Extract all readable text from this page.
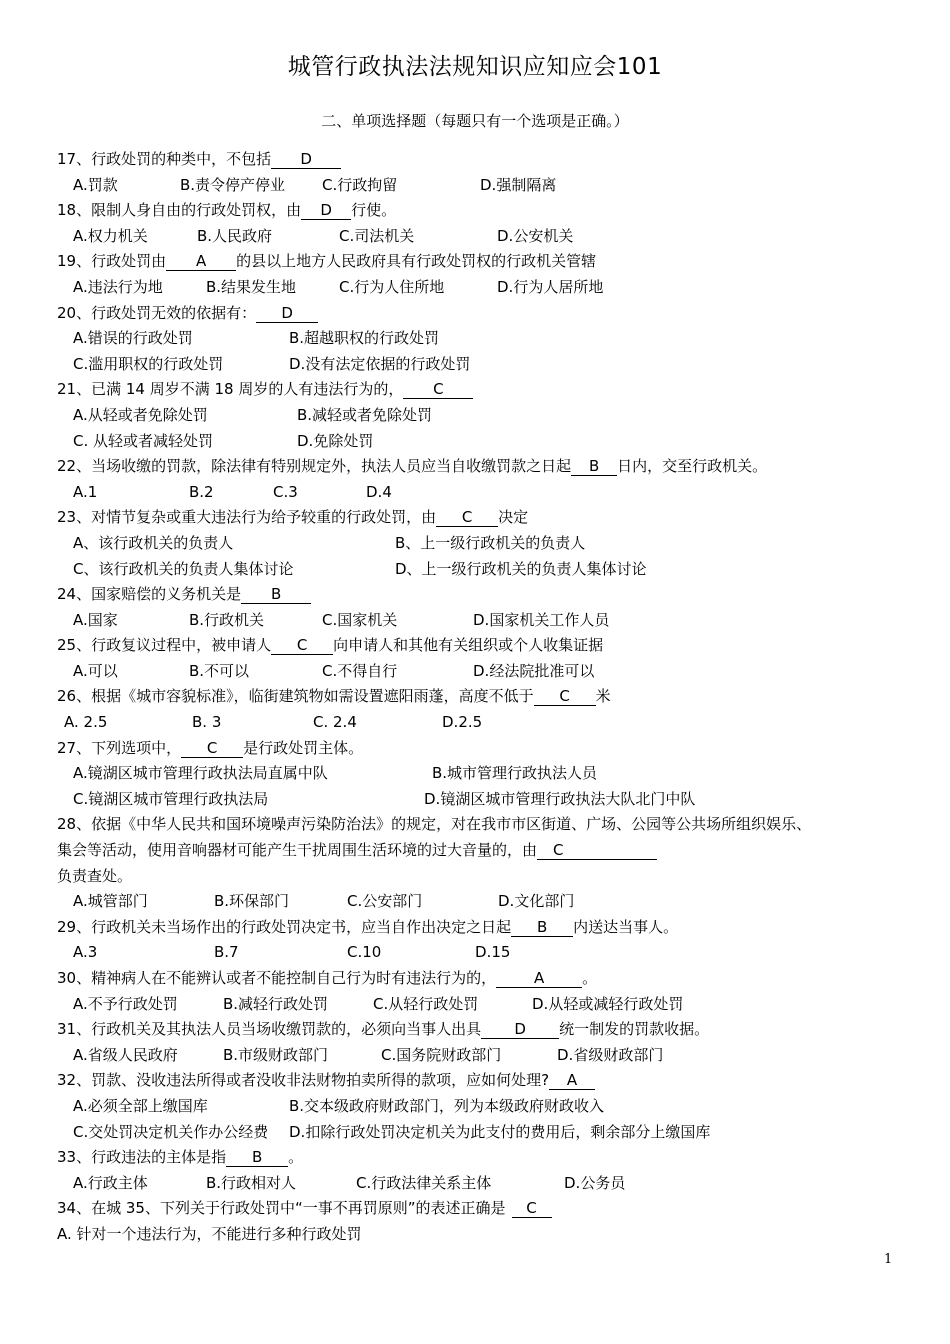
城管行政执法法规知识应知应会101
二、单项选择题（每题只有一个选项是正确。）
17、行政处罚的种类中，不包括 D
A.罚款	B.责令停产停业 C.行政拘留	D.强制隔离
18、限制人身自由的行政处罚权，由 D 行使。
A.权力机关	B.人民政府	C.司法机关	D.公安机关
19、行政处罚由 A 的县以上地方人民政府具有行政处罚权的行政机关管辖
A.违法行为地	B.结果发生地	C.行为人住所地	D.行为人居所地
20、行政处罚无效的依据有： D
A.错误的行政处罚	B.超越职权的行政处罚
C.滥用职权的行政处罚	D.没有法定依据的行政处罚
21、已满 14 周岁不满 18 周岁的人有违法行为的， C
A.从轻或者免除处罚	B.减轻或者免除处罚
C. 从轻或者减轻处罚	D.免除处罚
22、当场收缴的罚款，除法律有特别规定外，执法人员应当自收缴罚款之日起 B 日内，交至行政机关。
A.1	B.2	C.3	D.4
23、对情节复杂或重大违法行为给予较重的行政处罚，由 C 决定
A、该行政机关的负责人	B、上一级行政机关的负责人
C、该行政机关的负责人集体讨论	D、上一级行政机关的负责人集体讨论
24、国家赔偿的义务机关是 B
A.国家	B.行政机关	C.国家机关	D.国家机关工作人员
25、行政复议过程中，被申请人 C 向申请人和其他有关组织或个人收集证据
A.可以	B.不可以	C.不得自行	D.经法院批准可以
26、根据《城市容貌标准》，临街建筑物如需设置遮阳雨蓬，高度不低于 C 米
A. 2.5	B. 3	C. 2.4	D.2.5
27、下列选项中， C 是行政处罚主体。
A.镜湖区城市管理行政执法局直属中队	B.城市管理行政执法人员
C.镜湖区城市管理行政执法局	D.镜湖区城市管理行政执法大队北门中队
28、依据《中华人民共和国环境噪声污染防治法》的规定，对在我市市区街道、广场、公园等公共场所组织娱乐、
集会等活动，使用音响器材可能产生干扰周围生活环境的过大音量的，由 C
负责查处。
A.城管部门	B.环保部门	C.公安部门	D.文化部门
29、行政机关未当场作出的行政处罚决定书，应当自作出决定之日起 B 内送达当事人。
A.3	B.7	C.10	D.15
30、精神病人在不能辨认或者不能控制自己行为时有违法行为的，	A	。
A.不予行政处罚	B.减轻行政处罚	C.从轻行政处罚	D.从轻或减轻行政处罚
31、行政机关及其执法人员当场收缴罚款的，必须向当事人出具 D 统一制发的罚款收据。
A.省级人民政府	B.市级财政部门	C.国务院财政部门	D.省级财政部门
32、罚款、没收违法所得或者没收非法财物拍卖所得的款项，应如何处理? A
A.必须全部上缴国库	B.交本级政府财政部门，列为本级政府财政收入
C.交处罚决定机关作办公经费 D.扣除行政处罚决定机关为此支付的费用后，剩余部分上缴国库
33、行政违法的主体是指 B 。
A.行政主体	B.行政相对人	C.行政法律关系主体	D.公务员
34、在城 35、下列关于行政处罚中“一事不再罚原则”的表述正确是 C
A. 针对一个违法行为，不能进行多种行政处罚
1
